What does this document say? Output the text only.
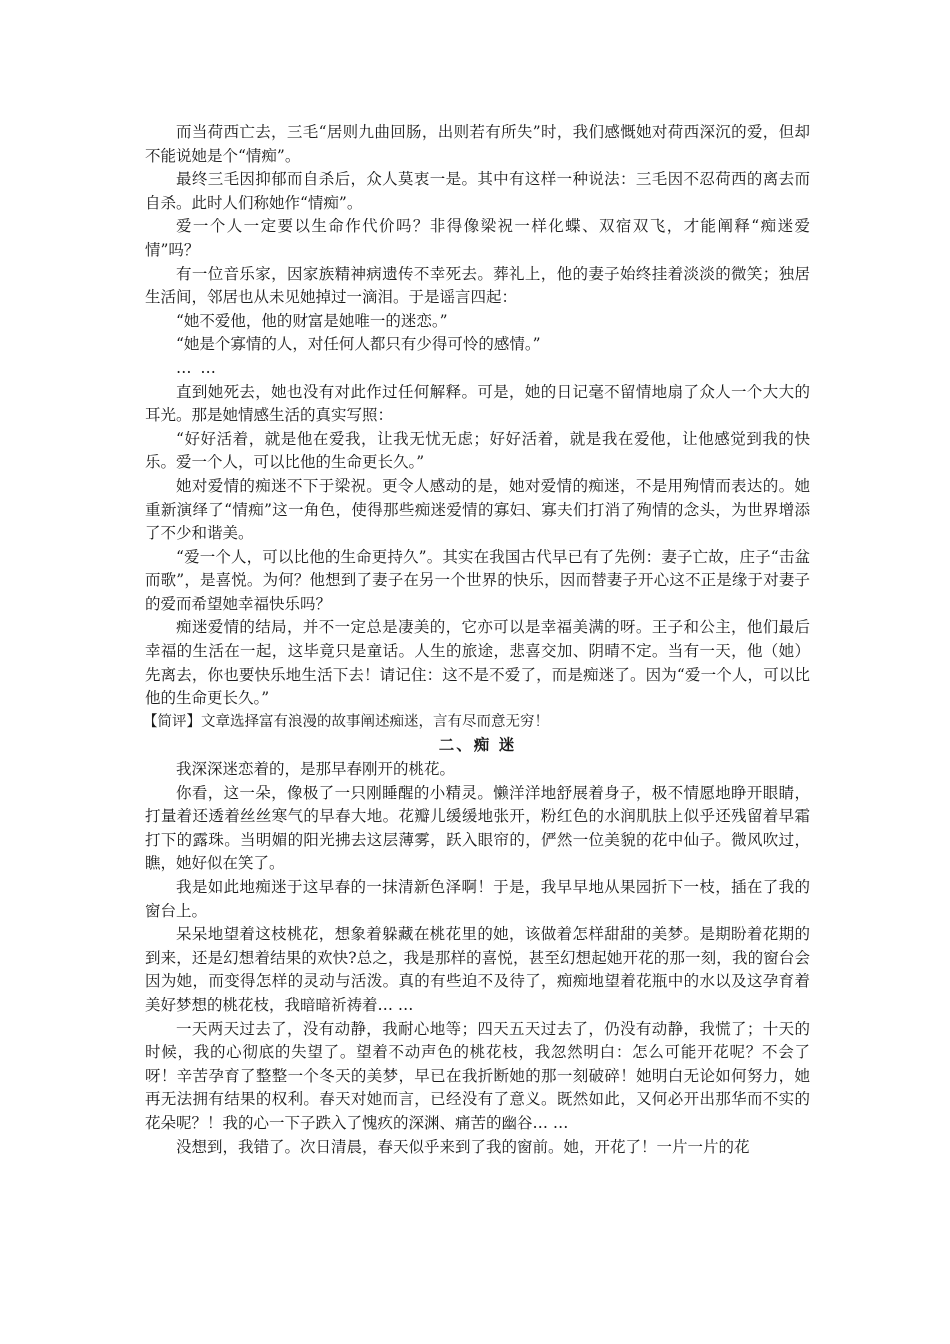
而当荷西亡去，三毛“居则九曲回肠，出则若有所失”时，我们感慨她对荷西深沉的爱，但却不能说她是个“情痴”。

最终三毛因抑郁而自杀后，众人莫衷一是。其中有这样一种说法：三毛因不忍荷西的离去而自杀。此时人们称她作“情痴”。

爱一个人一定要以生命作代价吗？非得像梁祝一样化蝶、双宿双飞，才能阐释“痴迷爱情”吗？

有一位音乐家，因家族精神病遗传不幸死去。葬礼上，他的妻子始终挂着淡淡的微笑；独居生活间，邻居也从未见她掉过一滴泪。于是谣言四起：

“她不爱他，他的财富是她唯一的迷恋。”

“她是个寡情的人，对任何人都只有少得可怜的感情。”

… …

直到她死去，她也没有对此作过任何解释。可是，她的日记毫不留情地扇了众人一个大大的耳光。那是她情感生活的真实写照：

“好好活着，就是他在爱我，让我无忧无虑；好好活着，就是我在爱他，让他感觉到我的快乐。爱一个人，可以比他的生命更长久。”

她对爱情的痴迷不下于梁祝。更令人感动的是，她对爱情的痴迷，不是用殉情而表达的。她重新演绎了“情痴”这一角色，使得那些痴迷爱情的寡妇、寡夫们打消了殉情的念头，为世界增添了不少和谐美。

“爱一个人，可以比他的生命更持久”。其实在我国古代早已有了先例：妻子亡故，庄子“击盆而歌”，是喜悦。为何？他想到了妻子在另一个世界的快乐，因而替妻子开心这不正是缘于对妻子的爱而希望她幸福快乐吗？

痴迷爱情的结局，并不一定总是凄美的，它亦可以是幸福美满的呀。王子和公主，他们最后幸福的生活在一起，这毕竟只是童话。人生的旅途，悲喜交加、阴晴不定。当有一天，他（她）先离去，你也要快乐地生活下去！请记住：这不是不爱了，而是痴迷了。因为“爱一个人，可以比他的生命更长久。”

【简评】文章选择富有浪漫的故事阐述痴迷，言有尽而意无穷！

二、痴 迷

我深深迷恋着的，是那早春刚开的桃花。

你看，这一朵，像极了一只刚睡醒的小精灵。懒洋洋地舒展着身子，极不情愿地睁开眼睛，打量着还透着丝丝寒气的早春大地。花瓣儿缓缓地张开，粉红色的水润肌肤上似乎还残留着早霜打下的露珠。当明媚的阳光拂去这层薄雾，跃入眼帘的，俨然一位美貌的花中仙子。微风吹过，瞧，她好似在笑了。

我是如此地痴迷于这早春的一抹清新色泽啊！于是，我早早地从果园折下一枝，插在了我的窗台上。

呆呆地望着这枝桃花，想象着躲藏在桃花里的她，该做着怎样甜甜的美梦。是期盼着花期的到来，还是幻想着结果的欢快?总之，我是那样的喜悦，甚至幻想起她开花的那一刻，我的窗台会因为她，而变得怎样的灵动与活泼。真的有些迫不及待了，痴痴地望着花瓶中的水以及这孕育着美好梦想的桃花枝，我暗暗祈祷着… …

一天两天过去了，没有动静，我耐心地等；四天五天过去了，仍没有动静，我慌了；十天的时候，我的心彻底的失望了。望着不动声色的桃花枝，我忽然明白：怎么可能开花呢？不会了呀！辛苦孕育了整整一个冬天的美梦，早已在我折断她的那一刻破碎！她明白无论如何努力，她再无法拥有结果的权利。春天对她而言，已经没有了意义。既然如此，又何必开出那华而不实的花朵呢？！我的心一下子跌入了愧疚的深渊、痛苦的幽谷… …

没想到，我错了。次日清晨，春天似乎来到了我的窗前。她，开花了！一片一片的花
